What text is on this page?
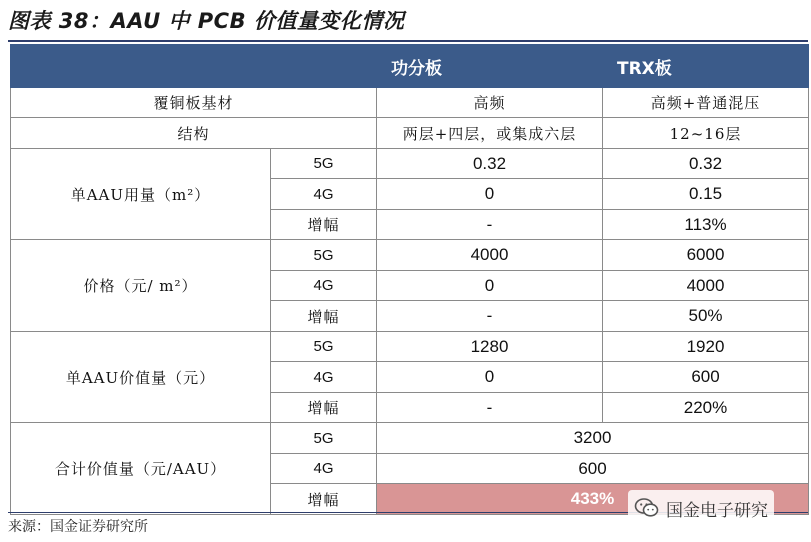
图表 38：AAU 中 PCB 价值量变化情况
		功分板	TRX板
覆铜板基材		高频	高频+普通混压
结构		两层+四层，或集成六层	12~16层
单AAU用量（m²）	5G	0.32	0.32
	4G	0	0.15
	增幅	-	113%
价格（元/ m²）	5G	4000	6000
	4G	0	4000
	增幅	-	50%
单AAU价值量（元）	5G	1280	1920
	4G	0	600
	增幅	-	220%
合计价值量（元/AAU）	5G	3200	
	4G	600	
	增幅	433%	
来源：国金证券研究所
国金电子研究
